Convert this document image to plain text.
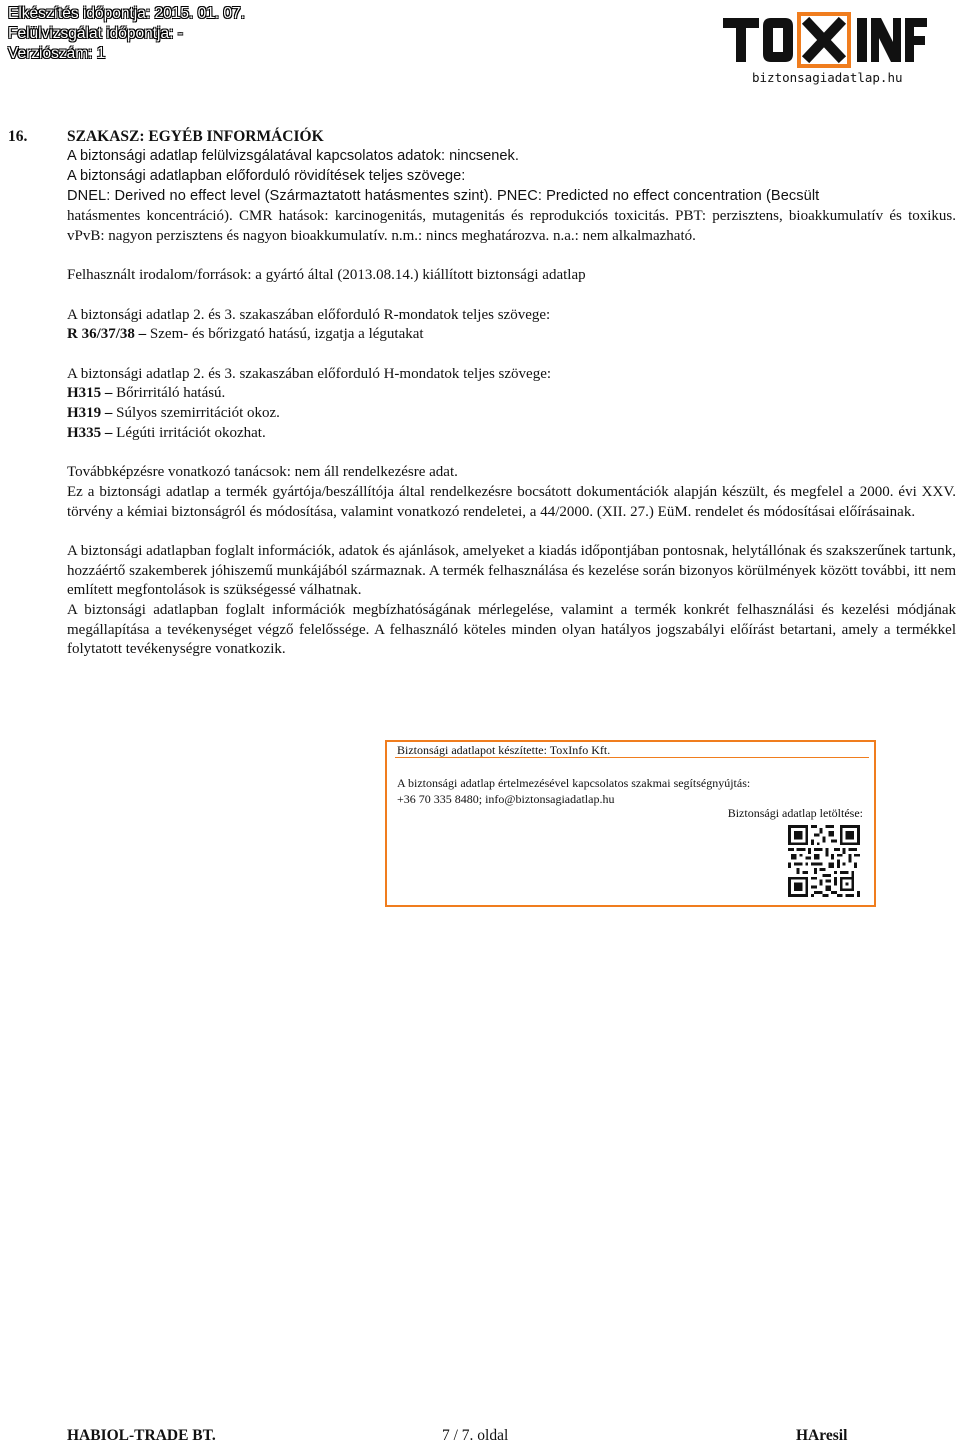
Elkészítés időpontja: 2015. 01. 07.
Felülvizsgálat időpontja: -
Verziószám: 1
biztonsagiadatlap.hu
16.	SZAKASZ: EGYÉB INFORMÁCIÓK
A biztonsági adatlap felülvizsgálatával kapcsolatos adatok: nincsenek.
A biztonsági adatlapban előforduló rövidítések teljes szövege:
DNEL: Derived no effect level (Származtatott hatásmentes szint). PNEC: Predicted no effect concentration (Becsült
hatásmentes koncentráció). CMR hatások: karcinogenitás, mutagenitás és reprodukciós toxicitás. PBT: perzisztens, bioakkumulatív és toxikus. vPvB: nagyon perzisztens és nagyon bioakkumulatív. n.m.: nincs meghatározva. n.a.: nem alkalmazható.
Felhasznált irodalom/források: a gyártó által (2013.08.14.) kiállított biztonsági adatlap
A biztonsági adatlap 2. és 3. szakaszában előforduló R-mondatok teljes szövege:
R 36/37/38 – Szem- és bőrizgató hatású, izgatja a légutakat
A biztonsági adatlap 2. és 3. szakaszában előforduló H-mondatok teljes szövege:
H315 – Bőrirritáló hatású.
H319 – Súlyos szemirritációt okoz.
H335 – Légúti irritációt okozhat.
Továbbképzésre vonatkozó tanácsok: nem áll rendelkezésre adat.
Ez a biztonsági adatlap a termék gyártója/beszállítója által rendelkezésre bocsátott dokumentációk alapján készült, és megfelel a 2000. évi XXV. törvény a kémiai biztonságról és módosítása, valamint vonatkozó rendeletei, a 44/2000. (XII. 27.) EüM. rendelet és módosításai előírásainak.
A biztonsági adatlapban foglalt információk, adatok és ajánlások, amelyeket a kiadás időpontjában pontosnak, helytállónak és szakszerűnek tartunk, hozzáértő szakemberek jóhiszemű munkájából származnak. A termék felhasználása és kezelése során bizonyos körülmények között további, itt nem említett megfontolások is szükségessé válhatnak.
A biztonsági adatlapban foglalt információk megbízhatóságának mérlegelése, valamint a termék konkrét felhasználási és kezelési módjának megállapítása a tevékenységet végző felelőssége. A felhasználó köteles minden olyan hatályos jogszabályi előírást betartani, amely a termékkel folytatott tevékenységre vonatkozik.
Biztonsági adatlapot készítette: ToxInfo Kft.
A biztonsági adatlap értelmezésével kapcsolatos szakmai segítségnyújtás:
+36 70 335 8480; info@biztonsagiadatlap.hu
Biztonsági adatlap letöltése:
HABIOL-TRADE BT.	7 / 7. oldal	HAresil
